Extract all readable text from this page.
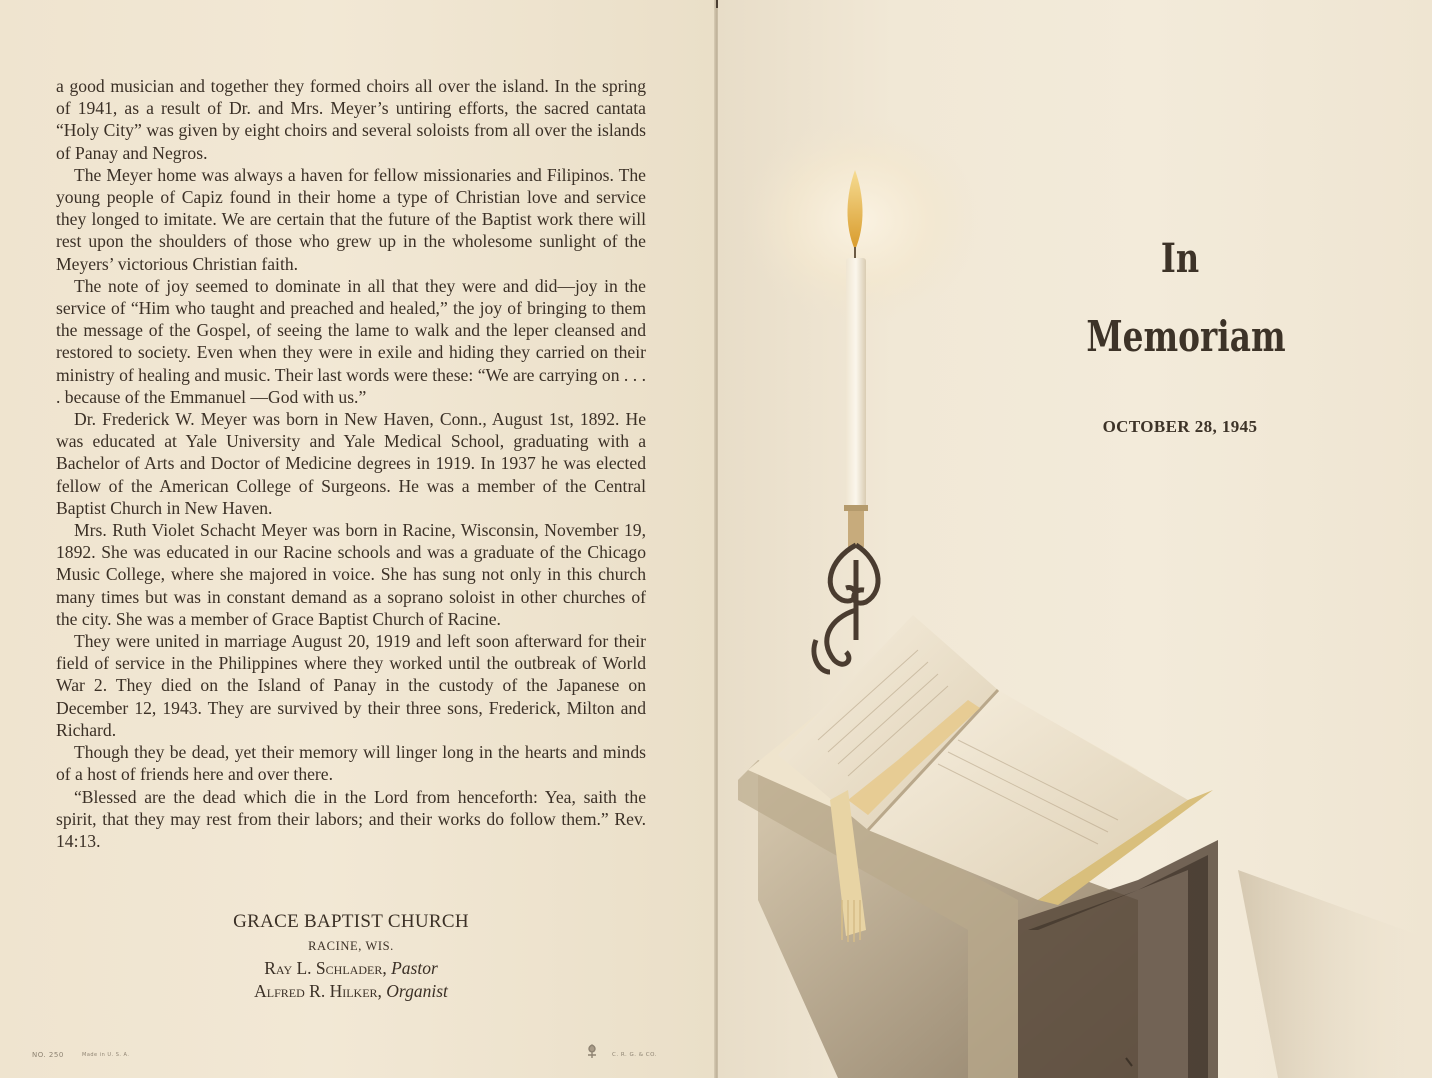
a good musician and together they formed choirs all over the island. In the spring of 1941, as a result of Dr. and Mrs. Meyer’s untiring efforts, the sacred cantata “Holy City” was given by eight choirs and several soloists from all over the islands of Panay and Negros.

The Meyer home was always a haven for fellow missionaries and Filipinos. The young people of Capiz found in their home a type of Christian love and service they longed to imitate. We are certain that the future of the Baptist work there will rest upon the shoulders of those who grew up in the wholesome sunlight of the Meyers’ victorious Christian faith.

The note of joy seemed to dominate in all that they were and did—joy in the service of “Him who taught and preached and healed,” the joy of bringing to them the message of the Gospel, of seeing the lame to walk and the leper cleansed and restored to society. Even when they were in exile and hiding they carried on their ministry of healing and music. Their last words were these: “We are carrying on . . . . because of the Emmanuel —God with us.”

Dr. Frederick W. Meyer was born in New Haven, Conn., August 1st, 1892. He was educated at Yale University and Yale Medical School, graduating with a Bachelor of Arts and Doctor of Medicine degrees in 1919. In 1937 he was elected fellow of the American College of Surgeons. He was a member of the Central Baptist Church in New Haven.

Mrs. Ruth Violet Schacht Meyer was born in Racine, Wisconsin, November 19, 1892. She was educated in our Racine schools and was a graduate of the Chicago Music College, where she majored in voice. She has sung not only in this church many times but was in constant demand as a soprano soloist in other churches of the city. She was a member of Grace Baptist Church of Racine.

They were united in marriage August 20, 1919 and left soon afterward for their field of service in the Philippines where they worked until the outbreak of World War 2. They died on the Island of Panay in the custody of the Japanese on December 12, 1943. They are survived by their three sons, Frederick, Milton and Richard.

Though they be dead, yet their memory will linger long in the hearts and minds of a host of friends here and over there.

“Blessed are the dead which die in the Lord from henceforth: Yea, saith the spirit, that they may rest from their labors; and their works do follow them.” Rev. 14:13.

GRACE BAPTIST CHURCH
RACINE, WIS.
Ray L. Schlader, Pastor
Alfred R. Hilker, Organist
NO. 250	Made in U. S. A.	C. R. G. & CO.
In
Memoriam
OCTOBER 28, 1945
